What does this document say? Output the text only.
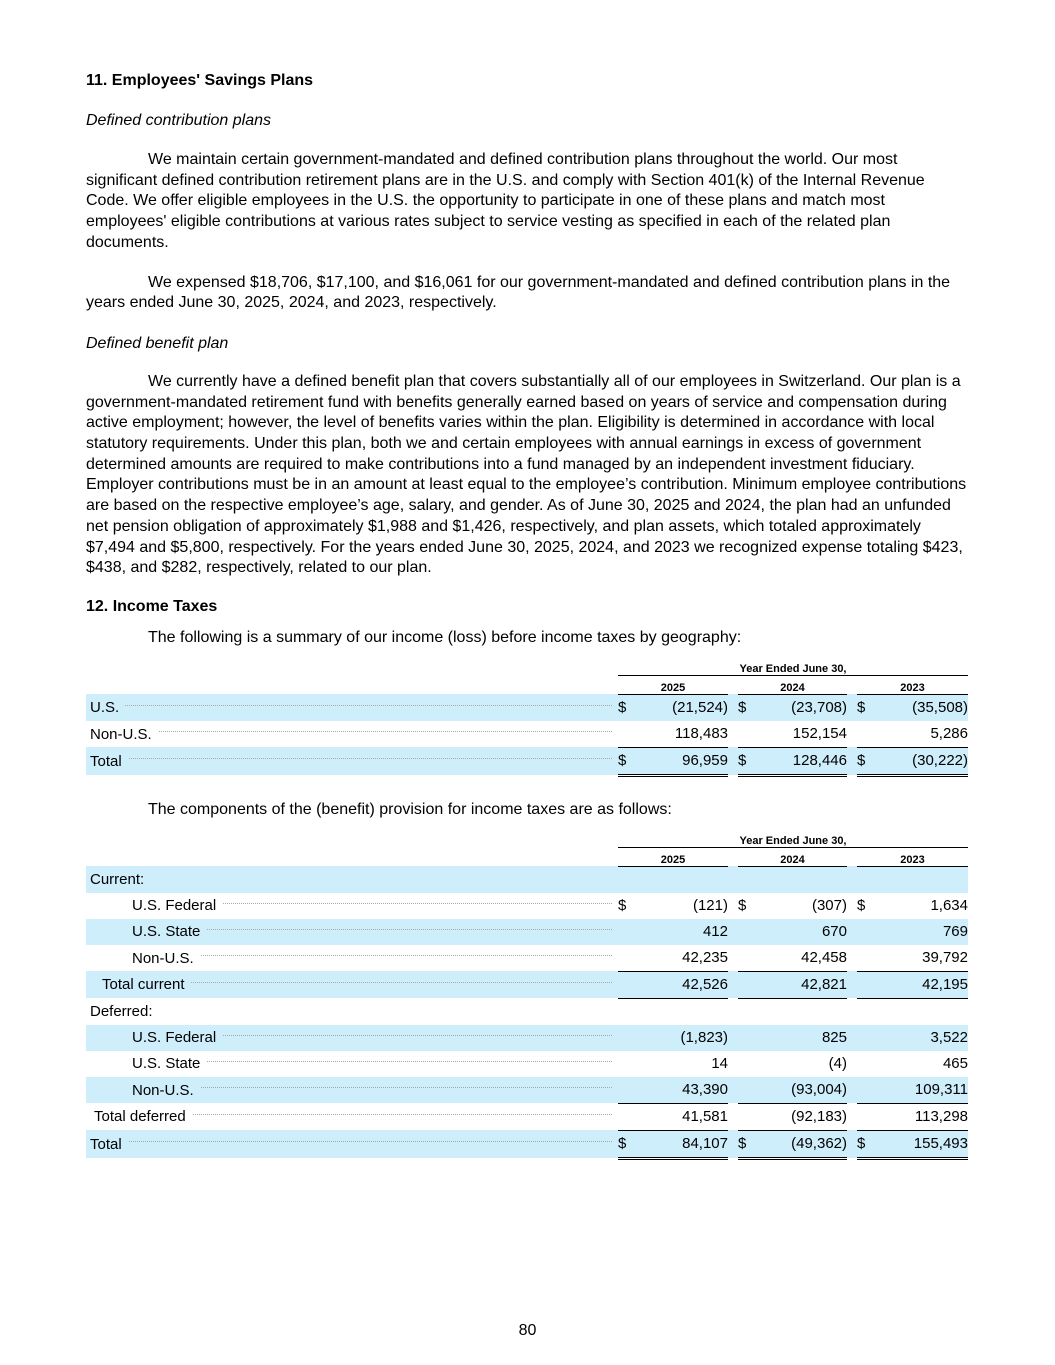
11. Employees' Savings Plans

Defined contribution plans

We maintain certain government-mandated and defined contribution plans throughout the world. Our most significant defined contribution retirement plans are in the U.S. and comply with Section 401(k) of the Internal Revenue Code. We offer eligible employees in the U.S. the opportunity to participate in one of these plans and match most employees' eligible contributions at various rates subject to service vesting as specified in each of the related plan documents.

We expensed $18,706, $17,100, and $16,061 for our government-mandated and defined contribution plans in the years ended June 30, 2025, 2024, and 2023, respectively.

Defined benefit plan

We currently have a defined benefit plan that covers substantially all of our employees in Switzerland. Our plan is a government-mandated retirement fund with benefits generally earned based on years of service and compensation during active employment; however, the level of benefits varies within the plan. Eligibility is determined in accordance with local statutory requirements. Under this plan, both we and certain employees with annual earnings in excess of government determined amounts are required to make contributions into a fund managed by an independent investment fiduciary. Employer contributions must be in an amount at least equal to the employee’s contribution. Minimum employee contributions are based on the respective employee’s age, salary, and gender. As of June 30, 2025 and 2024, the plan had an unfunded net pension obligation of approximately $1,988 and $1,426, respectively, and plan assets, which totaled approximately $7,494 and $5,800, respectively. For the years ended June 30, 2025, 2024, and 2023 we recognized expense totaling $423, $438, and $282, respectively, related to our plan.

12. Income Taxes

The following is a summary of our income (loss) before income taxes by geography:

	Year Ended June 30,							
	2025			2024			2023	

U.S.	$	(21,524)		$	(23,708)		$	(35,508)

Non-U.S.		118,483			152,154			5,286

Total	$	96,959		$	128,446		$	(30,222)

The components of the (benefit) provision for income taxes are as follows:

	Year Ended June 30,							
	2025			2024			2023	
Current:								

U.S. Federal	$	(121)		$	(307)		$	1,634

U.S. State		412			670			769

Non-U.S.		42,235			42,458			39,792

Total current		42,526			42,821			42,195
Deferred:								

U.S. Federal		(1,823)			825			3,522

U.S. State		14			(4)			465

Non-U.S.		43,390			(93,004)			109,311

Total deferred		41,581			(92,183)			113,298

Total	$	84,107		$	(49,362)		$	155,493
80
